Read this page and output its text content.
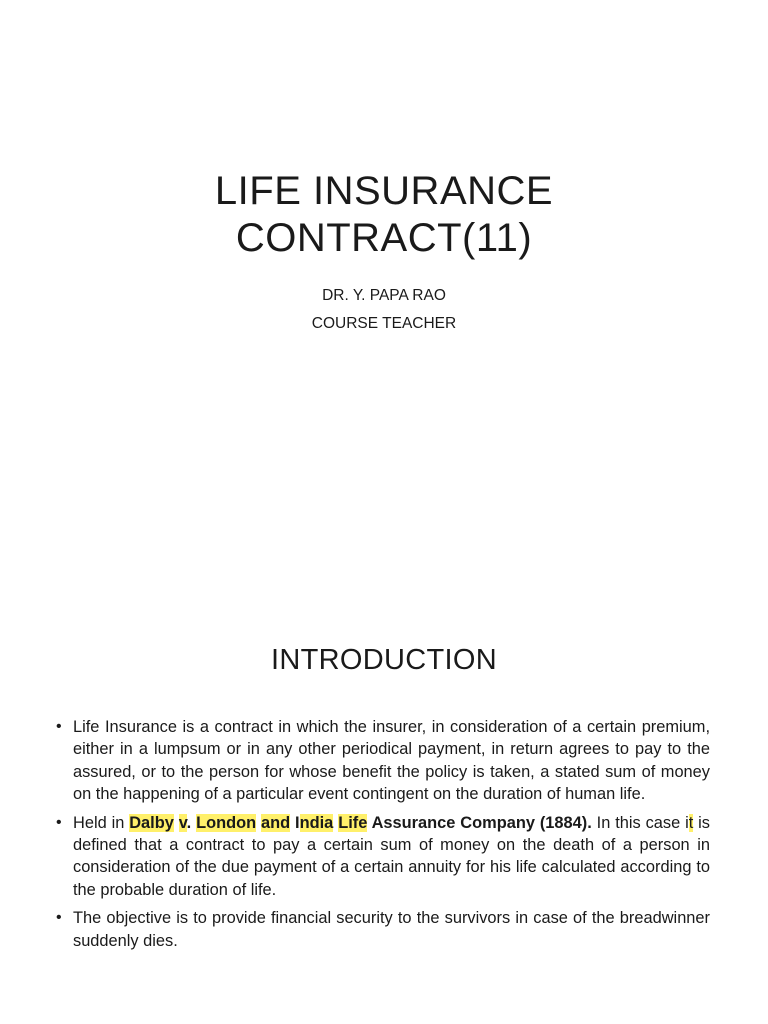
LIFE INSURANCE
CONTRACT(11)
DR. Y. PAPA RAO
COURSE TEACHER
INTRODUCTION
• Life Insurance is a contract in which the insurer, in consideration of a certain premium, either in a lumpsum or in any other periodical payment, in return agrees to pay to the assured, or to the person for whose benefit the policy is taken, a stated sum of money on the happening of a particular event contingent on the duration of human life.
• Held in Dalby v. London and India Life Assurance Company (1884). In this case it is defined that a contract to pay a certain sum of money on the death of a person in consideration of the due payment of a certain annuity for his life calculated according to the probable duration of life.
• The objective is to provide financial security to the survivors in case of the breadwinner suddenly dies.
